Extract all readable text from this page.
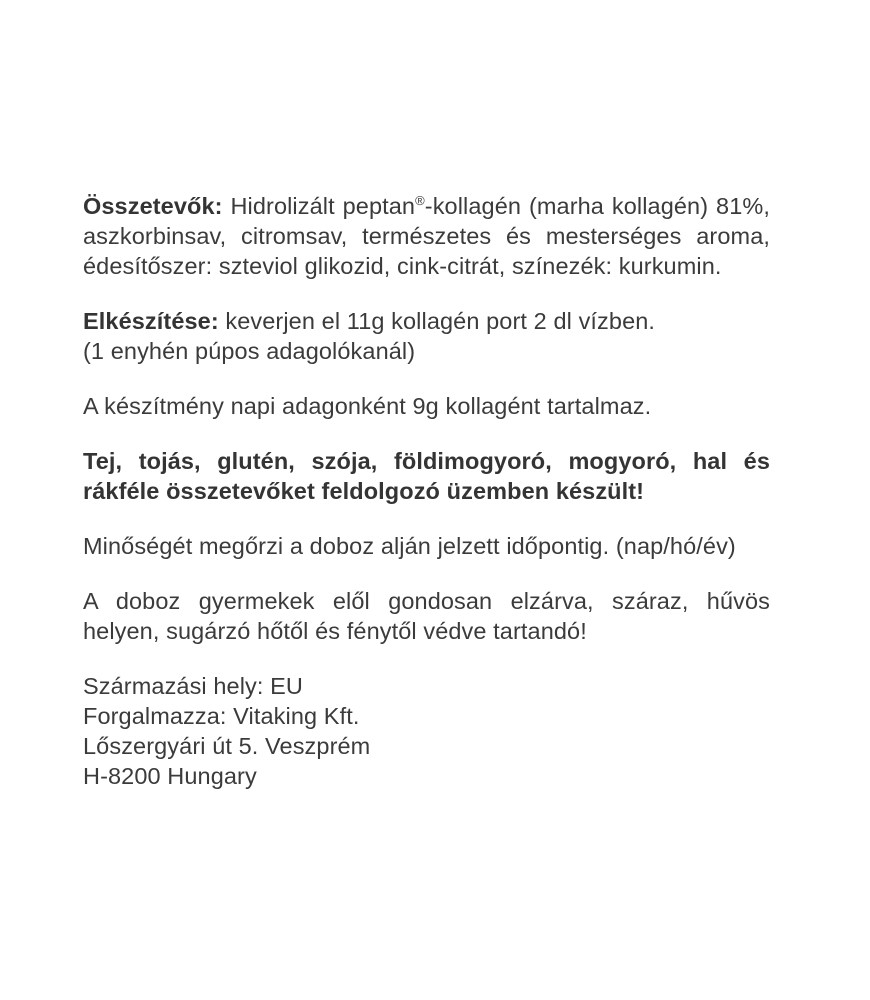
Összetevők: Hidrolizált peptan®-kollagén (marha kollagén) 81%, aszkorbinsav, citromsav, természetes és mesterséges aroma, édesítőszer: szteviol glikozid, cink-citrát, színezék: kurkumin.

Elkészítése: keverjen el 11g kollagén port 2 dl vízben.
(1 enyhén púpos adagolókanál)

A készítmény napi adagonként 9g kollagént tartalmaz.

Tej, tojás, glutén, szója, földimogyoró, mogyoró, hal és rákféle összetevőket feldolgozó üzemben készült!

Minőségét megőrzi a doboz alján jelzett időpontig. (nap/hó/év)

A doboz gyermekek elől gondosan elzárva, száraz, hűvös helyen, sugárzó hőtől és fénytől védve tartandó!

Származási hely: EU
Forgalmazza: Vitaking Kft.
Lőszergyári út 5. Veszprém
H-8200 Hungary
